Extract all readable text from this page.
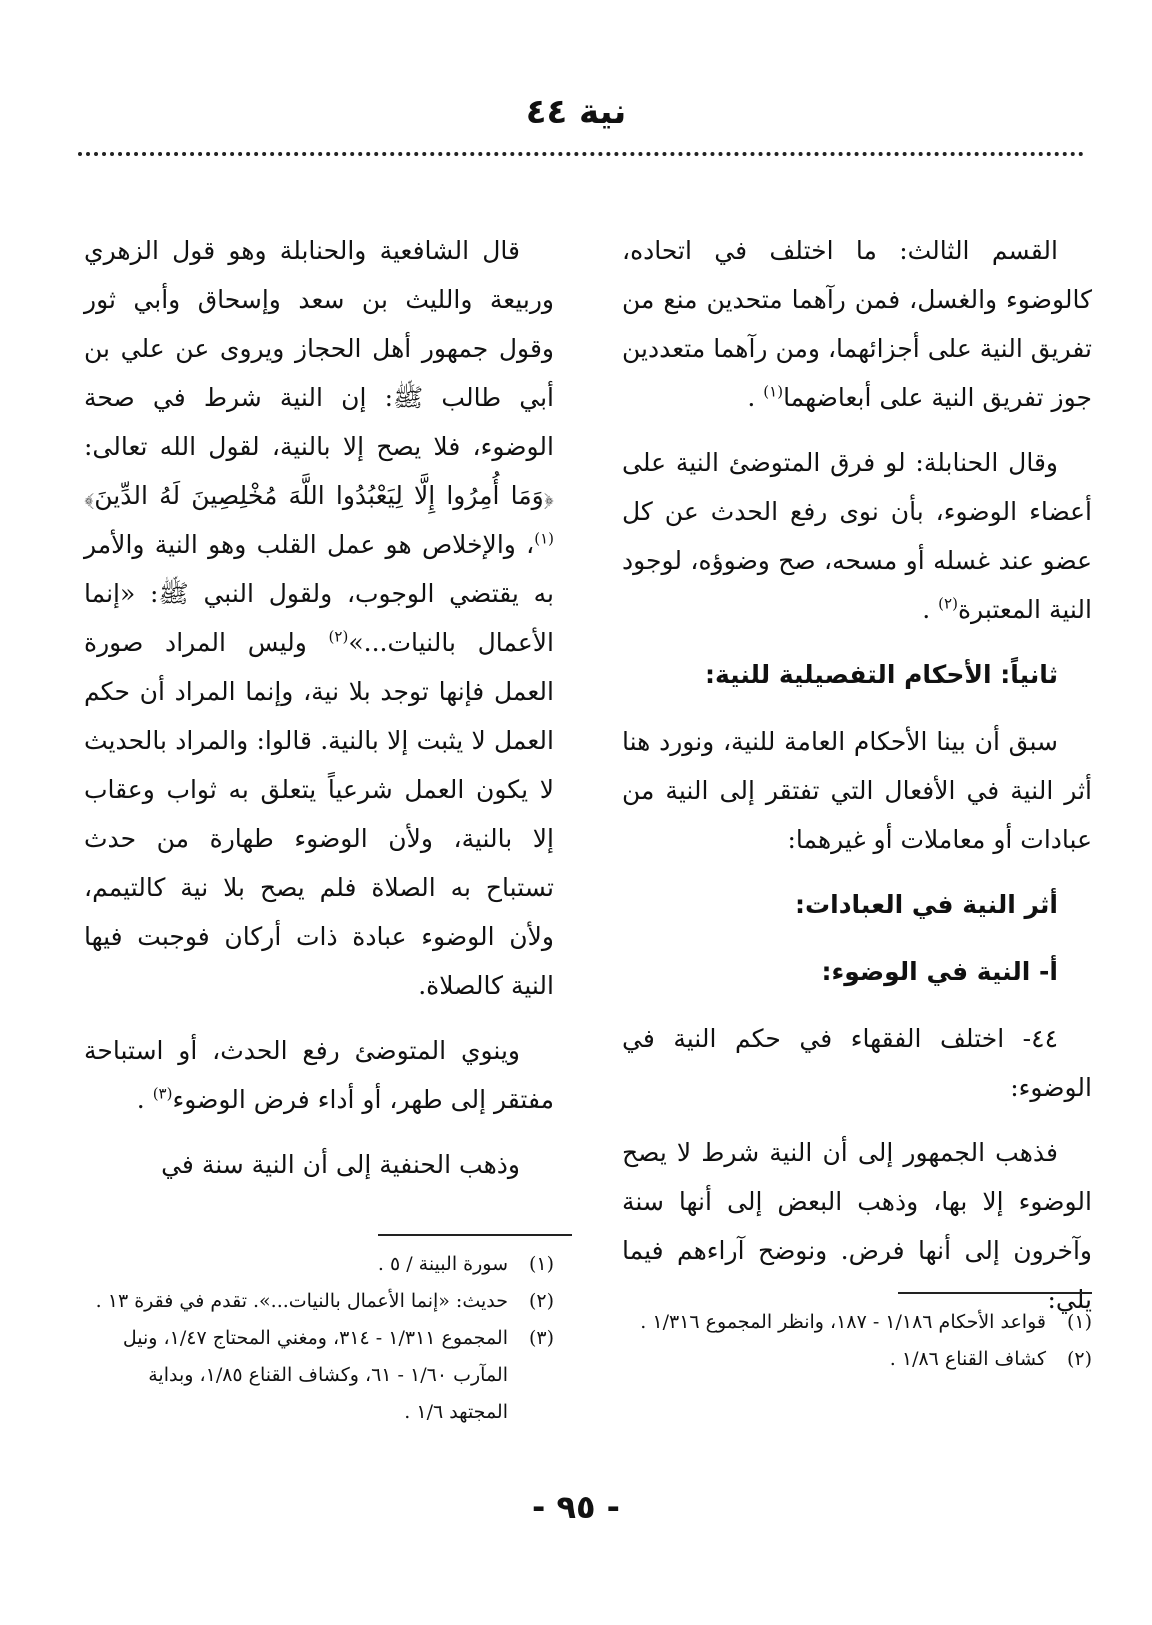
نية ٤٤

القسم الثالث: ما اختلف في اتحاده، كالوضوء والغسل، فمن رآهما متحدين منع من تفريق النية على أجزائهما، ومن رآهما متعددين جوز تفريق النية على أبعاضهما$^{(١)}$ .

وقال الحنابلة: لو فرق المتوضئ النية على أعضاء الوضوء، بأن نوى رفع الحدث عن كل عضو عند غسله أو مسحه، صح وضوؤه، لوجود النية المعتبرة$^{(٢)}$ .

ثانياً: الأحكام التفصيلية للنية:

سبق أن بينا الأحكام العامة للنية، ونورد هنا أثر النية في الأفعال التي تفتقر إلى النية من عبادات أو معاملات أو غيرهما:

أثر النية في العبادات:
أ- النية في الوضوء:

٤٤- اختلف الفقهاء في حكم النية في الوضوء:

فذهب الجمهور إلى أن النية شرط لا يصح الوضوء إلا بها، وذهب البعض إلى أنها سنة وآخرون إلى أنها فرض. ونوضح آراءهم فيما يلي:

قال الشافعية والحنابلة وهو قول الزهري وربيعة والليث بن سعد وإسحاق وأبي ثور وقول جمهور أهل الحجاز ويروى عن علي بن أبي طالب ﷺ: إن النية شرط في صحة الوضوء، فلا يصح إلا بالنية، لقول الله تعالى: ﴿وَمَا أُمِرُوا إِلَّا لِيَعْبُدُوا اللَّهَ مُخْلِصِينَ لَهُ الدِّينَ﴾$^{(١)}$، والإخلاص هو عمل القلب وهو النية والأمر به يقتضي الوجوب، ولقول النبي ﷺ: «إنما الأعمال بالنيات...»$^{(٢)}$ وليس المراد صورة العمل فإنها توجد بلا نية، وإنما المراد أن حكم العمل لا يثبت إلا بالنية. قالوا: والمراد بالحديث لا يكون العمل شرعياً يتعلق به ثواب وعقاب إلا بالنية، ولأن الوضوء طهارة من حدث تستباح به الصلاة فلم يصح بلا نية كالتيمم، ولأن الوضوء عبادة ذات أركان فوجبت فيها النية كالصلاة.

وينوي المتوضئ رفع الحدث، أو استباحة مفتقر إلى طهر، أو أداء فرض الوضوء$^{(٣)}$ .

وذهب الحنفية إلى أن النية سنة في

(١)
قواعد الأحكام ١/١٨٦ - ١٨٧، وانظر المجموع ١/٣١٦ .
(٢)
كشاف القناع ١/٨٦ .
(١)
سورة البينة / ٥ .
(٢)
حديث: «إنما الأعمال بالنيات...». تقدم في فقرة ١٣ .
(٣)
المجموع ١/٣١١ - ٣١٤، ومغني المحتاج ١/٤٧، ونيل المآرب ١/٦٠ - ٦١، وكشاف القناع ١/٨٥، وبداية المجتهد ١/٦ .
- ٩٥ -
